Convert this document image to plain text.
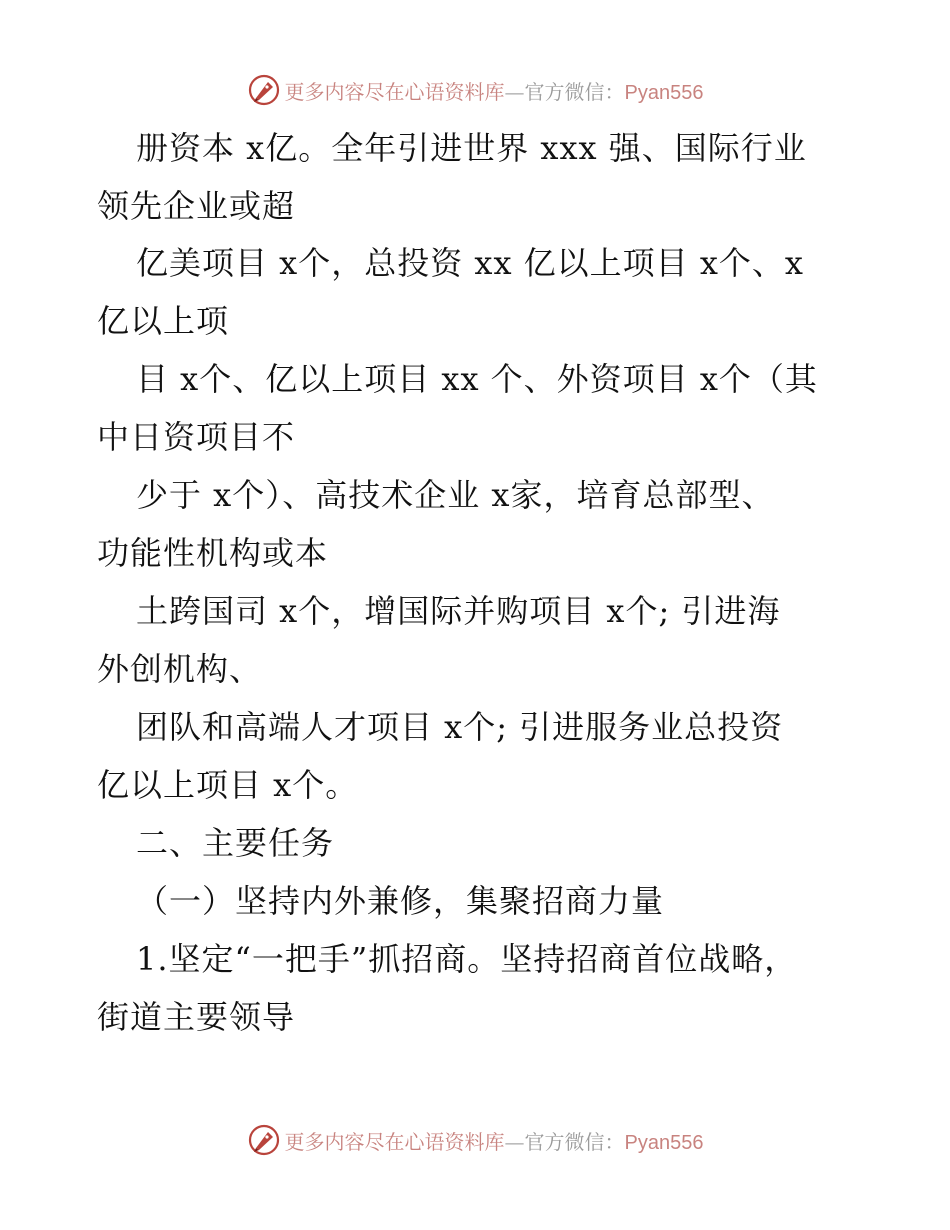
更多内容尽在心语资料库—官方微信：Pyan556
册资本 x亿。全年引进世界 xxx 强、国际行业
领先企业或超
亿美项目 x个，总投资 xx 亿以上项目 x个、x
亿以上项
目 x个、亿以上项目 xx 个、外资项目 x个（其
中日资项目不
少于 x个）、高技术企业 x家，培育总部型、
功能性机构或本
土跨国司 x个，增国际并购项目 x个; 引进海
外创机构、
团队和高端人才项目 x个; 引进服务业总投资
亿以上项目 x个。
二、主要任务
（一）坚持内外兼修，集聚招商力量
1.坚定“一把手”抓招商。坚持招商首位战略，
街道主要领导
更多内容尽在心语资料库—官方微信：Pyan556
